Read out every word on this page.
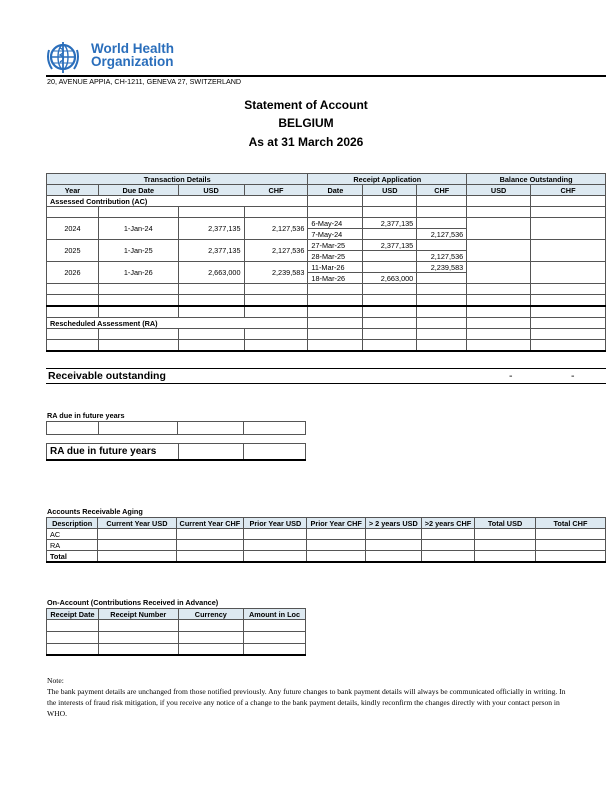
World Health
Organization
20, AVENUE APPIA, CH-1211, GENEVA 27, SWITZERLAND
Statement of Account
BELGIUM
As at 31 March 2026
Transaction Details				Receipt Application			Balance Outstanding	
Year	Due Date	USD	CHF	Date	USD	CHF	USD	CHF
Assessed Contribution (AC)								

2024	1-Jan-24	2,377,135	2,127,536	6-May-24	2,377,135			
				7-May-24		2,127,536		
2025	1-Jan-25	2,377,135	2,127,536	27-Mar-25	2,377,135			
				28-Mar-25		2,127,536		
2026	1-Jan-26	2,663,000	2,239,583	11-Mar-26		2,239,583		
				18-Mar-26	2,663,000			

Rescheduled Assessment (RA)								

Receivable outstanding	-	-
RA due in future years

RA due in future years		
Accounts Receivable Aging
Description	Current Year USD	Current Year CHF	Prior Year USD	Prior Year CHF	> 2 years USD	>2 years CHF	Total USD	Total CHF
AC								
RA								
Total								
On-Account (Contributions Received in Advance)
Receipt Date	Receipt Number	Currency	Amount in Loc

Note:
The bank payment details are unchanged from those notified previously. Any future changes to bank payment details will always be communicated officially in writing. In the interests of fraud risk mitigation, if you receive any notice of a change to the bank payment details, kindly reconfirm the changes directly with your contact person in WHO.
